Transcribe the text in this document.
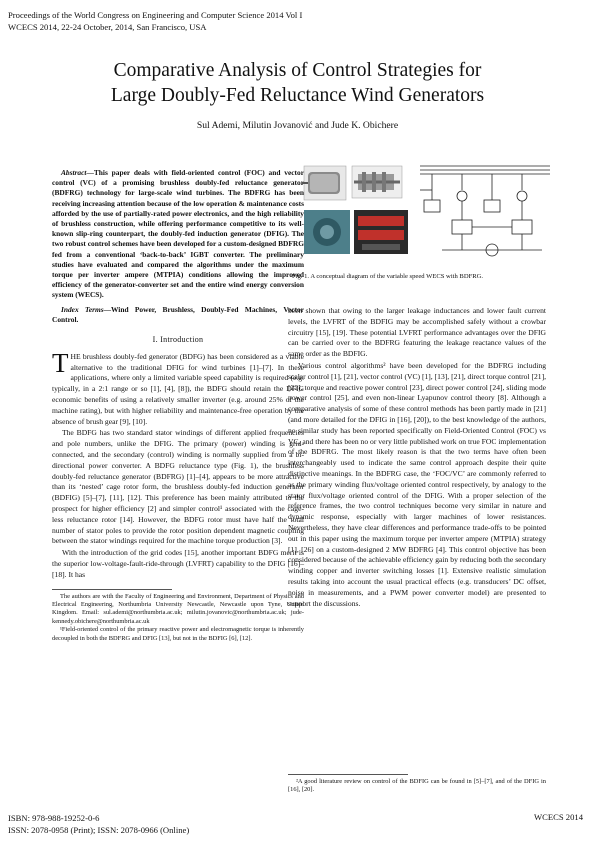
Proceedings of the World Congress on Engineering and Computer Science 2014 Vol I
WCECS 2014, 22-24 October, 2014, San Francisco, USA
Comparative Analysis of Control Strategies for
Large Doubly-Fed Reluctance Wind Generators
Sul Ademi, Milutin Jovanović and Jude K. Obichere
Abstract—This paper deals with field-oriented control (FOC) and vector control (VC) of a promising brushless doubly-fed reluctance generator (BDFRG) technology for large-scale wind turbines. The BDFRG has been receiving increasing attention because of the low operation & maintenance costs afforded by the use of partially-rated power electronics, and the high reliability of brushless construction, while offering performance competitive to its well-known slip-ring counterpart, the doubly-fed induction generator (DFIG). The two robust control schemes have been developed for a custom-designed BDFRG fed from a conventional ‘back-to-back’ IGBT converter. The preliminary studies have evaluated and compared the algorithms under the maximum torque per inverter ampere (MTPIA) conditions allowing the improved efficiency of the generator-converter set and the entire wind energy conversion system (WECS).
Index Terms—Wind Power, Brushless, Doubly-Fed Machines, Vector Control.
I. Introduction
THE brushless doubly-fed generator (BDFG) has been considered as a viable alternative to the traditional DFIG for wind turbines [1]–[7]. In these applications, where only a limited variable speed capability is required (e.g. typically, in a 2:1 range or so [1], [4], [8]), the BDFG should retain the DFIG economic benefits of using a relatively smaller inverter (e.g. around 25% of the machine rating), but with higher reliability and maintenance-free operation by the absence of brush gear [9], [10].
The BDFG has two standard stator windings of different applied frequencies and pole numbers, unlike the DFIG. The primary (power) winding is grid-connected, and the secondary (control) winding is normally supplied from a bi-directional power converter. A BDFG reluctance type (Fig. 1), the brushless doubly-fed reluctance generator (BDFRG) [1]–[4], appears to be more attractive than its ‘nested’ cage rotor form, the brushless doubly-fed induction generator (BDFIG) [5]–[7], [11], [12]. This preference has been mainly attributed to the prospect for higher efficiency [2] and simpler control¹ associated with the cage-less reluctance rotor [14]. However, the BDFG rotor must have half the total number of stator poles to provide the rotor position dependent magnetic coupling between the stator windings required for the machine torque production [3].
With the introduction of the grid codes [15], another important BDFG merit is the superior low-voltage-fault-ride-through (LVFRT) capability to the DFIG [16]–[18]. It has
The authors are with the Faculty of Engineering and Environment, Department of Physics and Electrical Engineering, Northumbria University Newcastle, Newcastle upon Tyne, United Kingdom. Email: sul.ademi@northumbria.ac.uk; milutin.jovanovic@northumbria.ac.uk; jude-kennedy.obichere@northumbria.ac.uk
¹Field-oriented control of the primary reactive power and electromagnetic torque is inherently decoupled in both the BDFRG and DFIG [13], but not in the BDFIG [6], [12].
Fig. 1. A conceptual diagram of the variable speed WECS with BDFRG.
been shown that owing to the larger leakage inductances and lower fault current levels, the LVFRT of the BDFIG may be accomplished safely without a crowbar circuitry [15], [19]. These potential LVFRT performance advantages over the DFIG can be carried over to the BDFRG featuring the leakage reactance values of the same order as the BDFIG.
Various control algorithms² have been developed for the BDFRG including scalar control [1], [21], vector control (VC) [1], [13], [21], direct torque control [21], [22], torque and reactive power control [23], direct power control [24], sliding mode power control [25], and even non-linear Lyapunov control theory [8]. Although a comparative analysis of some of these control methods has been partly made in [21] (and more detailed for the DFIG in [16], [20]), to the best knowledge of the authors, no similar study has been reported specifically on Field-Oriented Control (FOC) vs VC, and there has been no or very little published work on true FOC implementation of the BDFRG. The most likely reason is that the two terms have often been interchangeably used to indicate the same control approach despite their quite distinctive meanings. In the BDFRG case, the ‘FOC/VC’ are commonly referred to as the primary winding flux/voltage oriented control respectively, by analogy to the stator flux/voltage oriented control of the DFIG. With a proper selection of the reference frames, the two control techniques become very similar in nature and dynamic response, especially with larger machines of lower resistances. Nevertheless, they have clear differences and performance trade-offs to be pointed out in this paper using the maximum torque per inverter ampere (MTPIA) strategy [1], [26] on a custom-designed 2 MW BDFRG [4]. This control objective has been considered because of the achievable efficiency gain by reducing both the secondary winding copper and inverter switching losses [1]. Extensive realistic simulation results taking into account the usual practical effects (e.g. transducers’ DC offset, noise in measurements, and a PWM power converter model) are presented to support the discussions.
²A good literature review on control of the BDFIG can be found in [5]–[7], and of the DFIG in [16], [20].
ISBN: 978-988-19252-0-6
ISSN: 2078-0958 (Print); ISSN: 2078-0966 (Online)
WCECS 2014
